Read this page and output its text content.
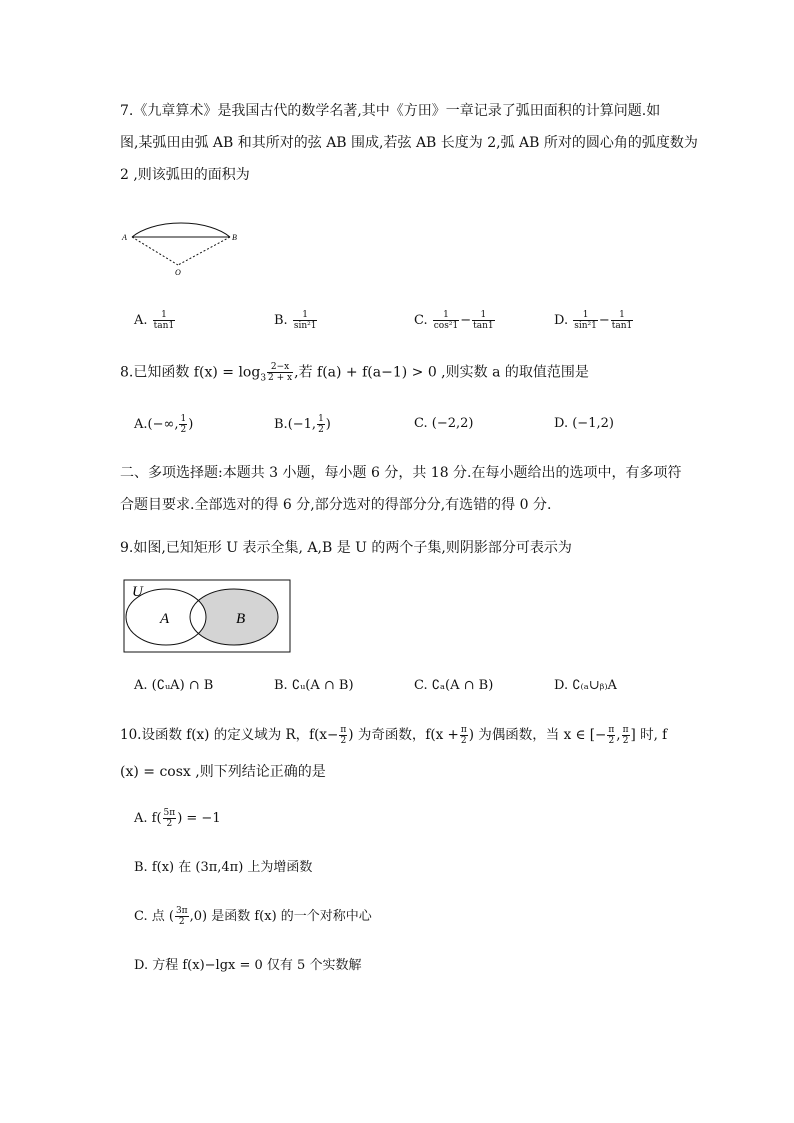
7.《九章算术》是我国古代的数学名著,其中《方田》一章记录了弧田面积的计算问题.如
图,某弧田由弧 AB 和其所对的弦 AB 围成,若弦 AB 长度为 2,弧 AB 所对的圆心角的弧度数为
2 ,则该弧田的面积为
A	B
O
A. $\frac{1}{\tan 1}$	B. $\frac{1}{\text{sin²1}}$	C. $\frac{1}{\text{cos²1}} - \frac{1}{\tan 1}$	D. $\frac{1}{\text{sin²1}} - \frac{1}{\tan 1}$
8.已知函数 $f(x) = \log_3 \frac{2-x}{2 + x}$ ,若 f(a) + f(a−1) > 0 ,则实数 a 的取值范围是
A.(−∞, $\frac{1}{2}$ )	B.(−1, $\frac{1}{2}$ )	C. (−2,2)	D. (−1,2)
二、多项选择题:本题共 3 小题，每小题 6 分，共 18 分.在每小题给出的选项中，有多项符
合题目要求.全部选对的得 6 分,部分选对的得部分分,有选错的得 0 分.
9.如图,已知矩形 U 表示全集, A,B 是 U 的两个子集,则阴影部分可表示为
U
A	B
A. (∁ᵤA) ∩ B	B. ∁ᵤ(A ∩ B)	C. ∁ₐ(A ∩ B)	D. ∁₍ₐ∪ᵦ₎A
10.设函数 f(x) 的定义域为 R，$f(x- \frac{\pi}{2}$ ) 为奇函数，$f(x + \frac{\pi}{2}$ ) 为偶函数，当 x ∈ [− $\frac{\pi}{2}$ , $\frac{\pi}{2}$ ] 时, f
(x) = cosx ,则下列结论正确的是
A. $f( \frac{5\pi}{2}$ ) = −1
B. f(x) 在 (3π,4π) 上为增函数
C. 点 ( $\frac{3\pi}{2} ,0$) 是函数 f(x) 的一个对称中心
D. 方程 f(x)−lgx = 0 仅有 5 个实数解
